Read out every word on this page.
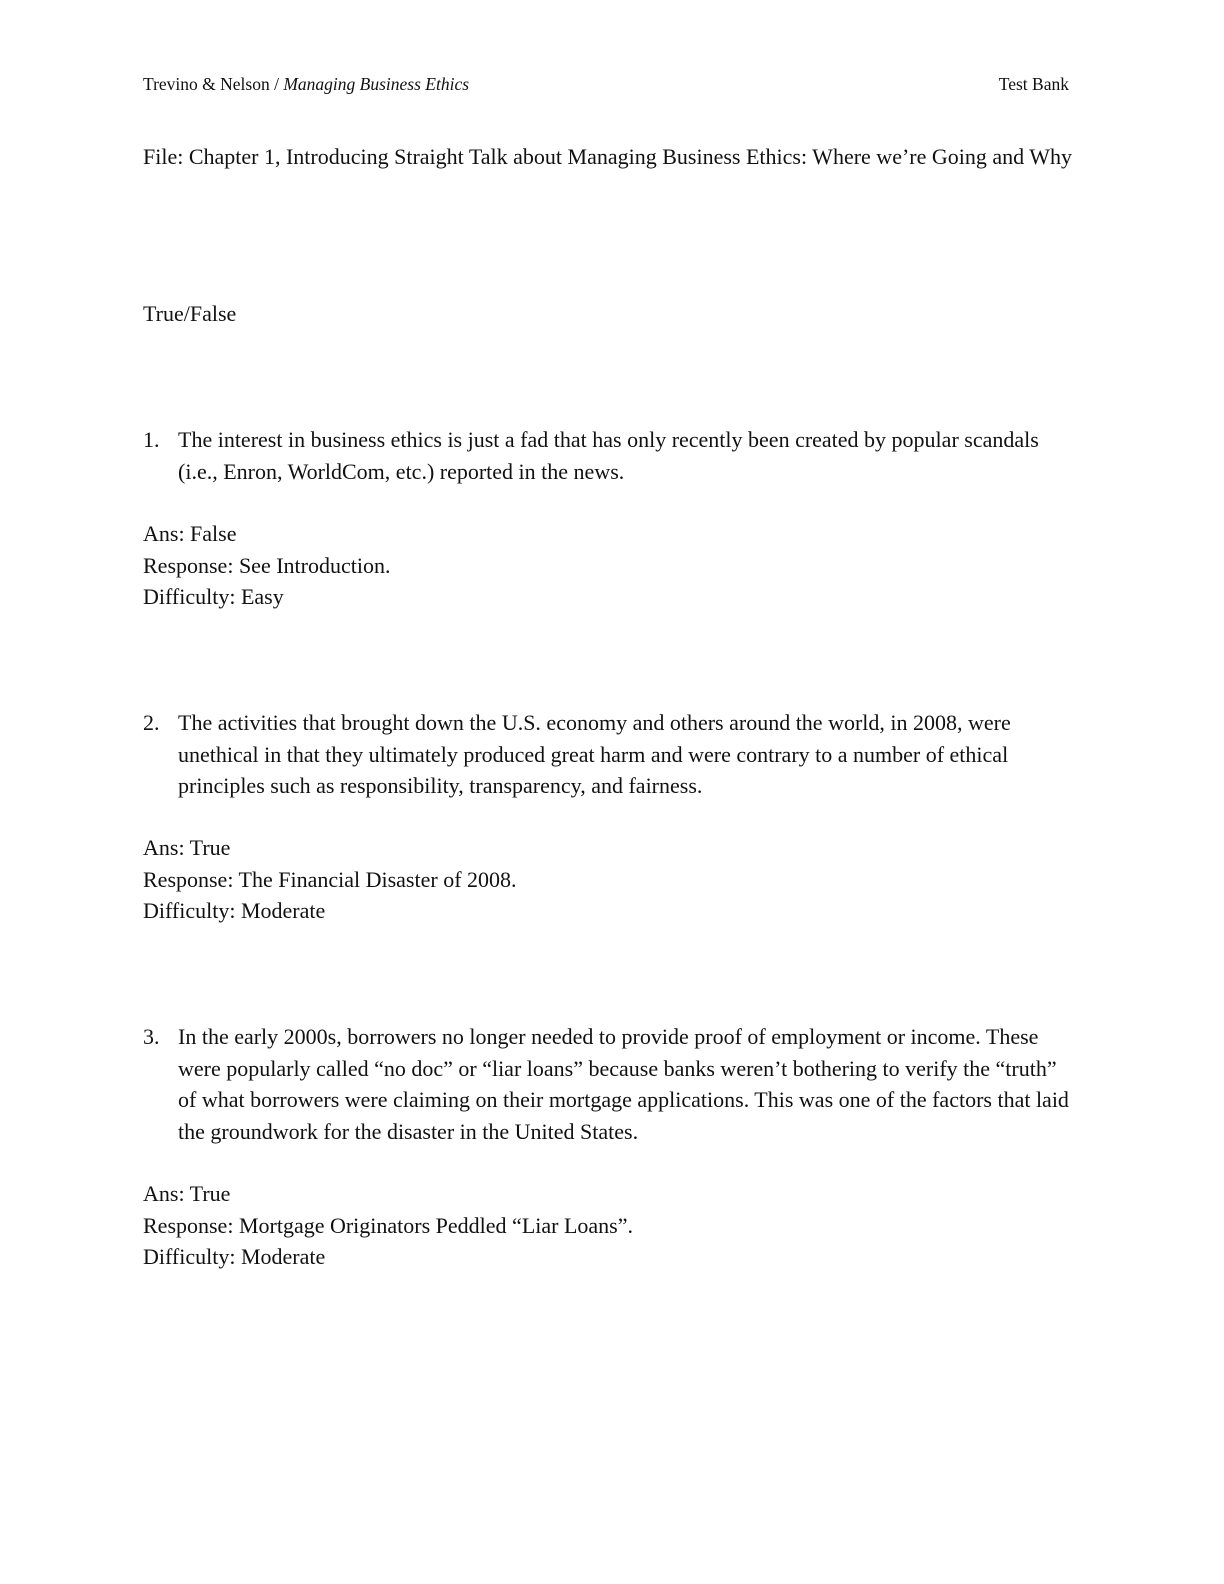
Trevino & Nelson / Managing Business Ethics	Test Bank
File: Chapter 1, Introducing Straight Talk about Managing Business Ethics: Where we’re Going and Why
True/False
1. The interest in business ethics is just a fad that has only recently been created by popular scandals (i.e., Enron, WorldCom, etc.) reported in the news.
Ans: False
Response: See Introduction.
Difficulty: Easy
2. The activities that brought down the U.S. economy and others around the world, in 2008, were unethical in that they ultimately produced great harm and were contrary to a number of ethical principles such as responsibility, transparency, and fairness.
Ans: True
Response: The Financial Disaster of 2008.
Difficulty: Moderate
3. In the early 2000s, borrowers no longer needed to provide proof of employment or income. These were popularly called “no doc” or “liar loans” because banks weren’t bothering to verify the “truth” of what borrowers were claiming on their mortgage applications. This was one of the factors that laid the groundwork for the disaster in the United States.
Ans: True
Response: Mortgage Originators Peddled “Liar Loans”.
Difficulty: Moderate
